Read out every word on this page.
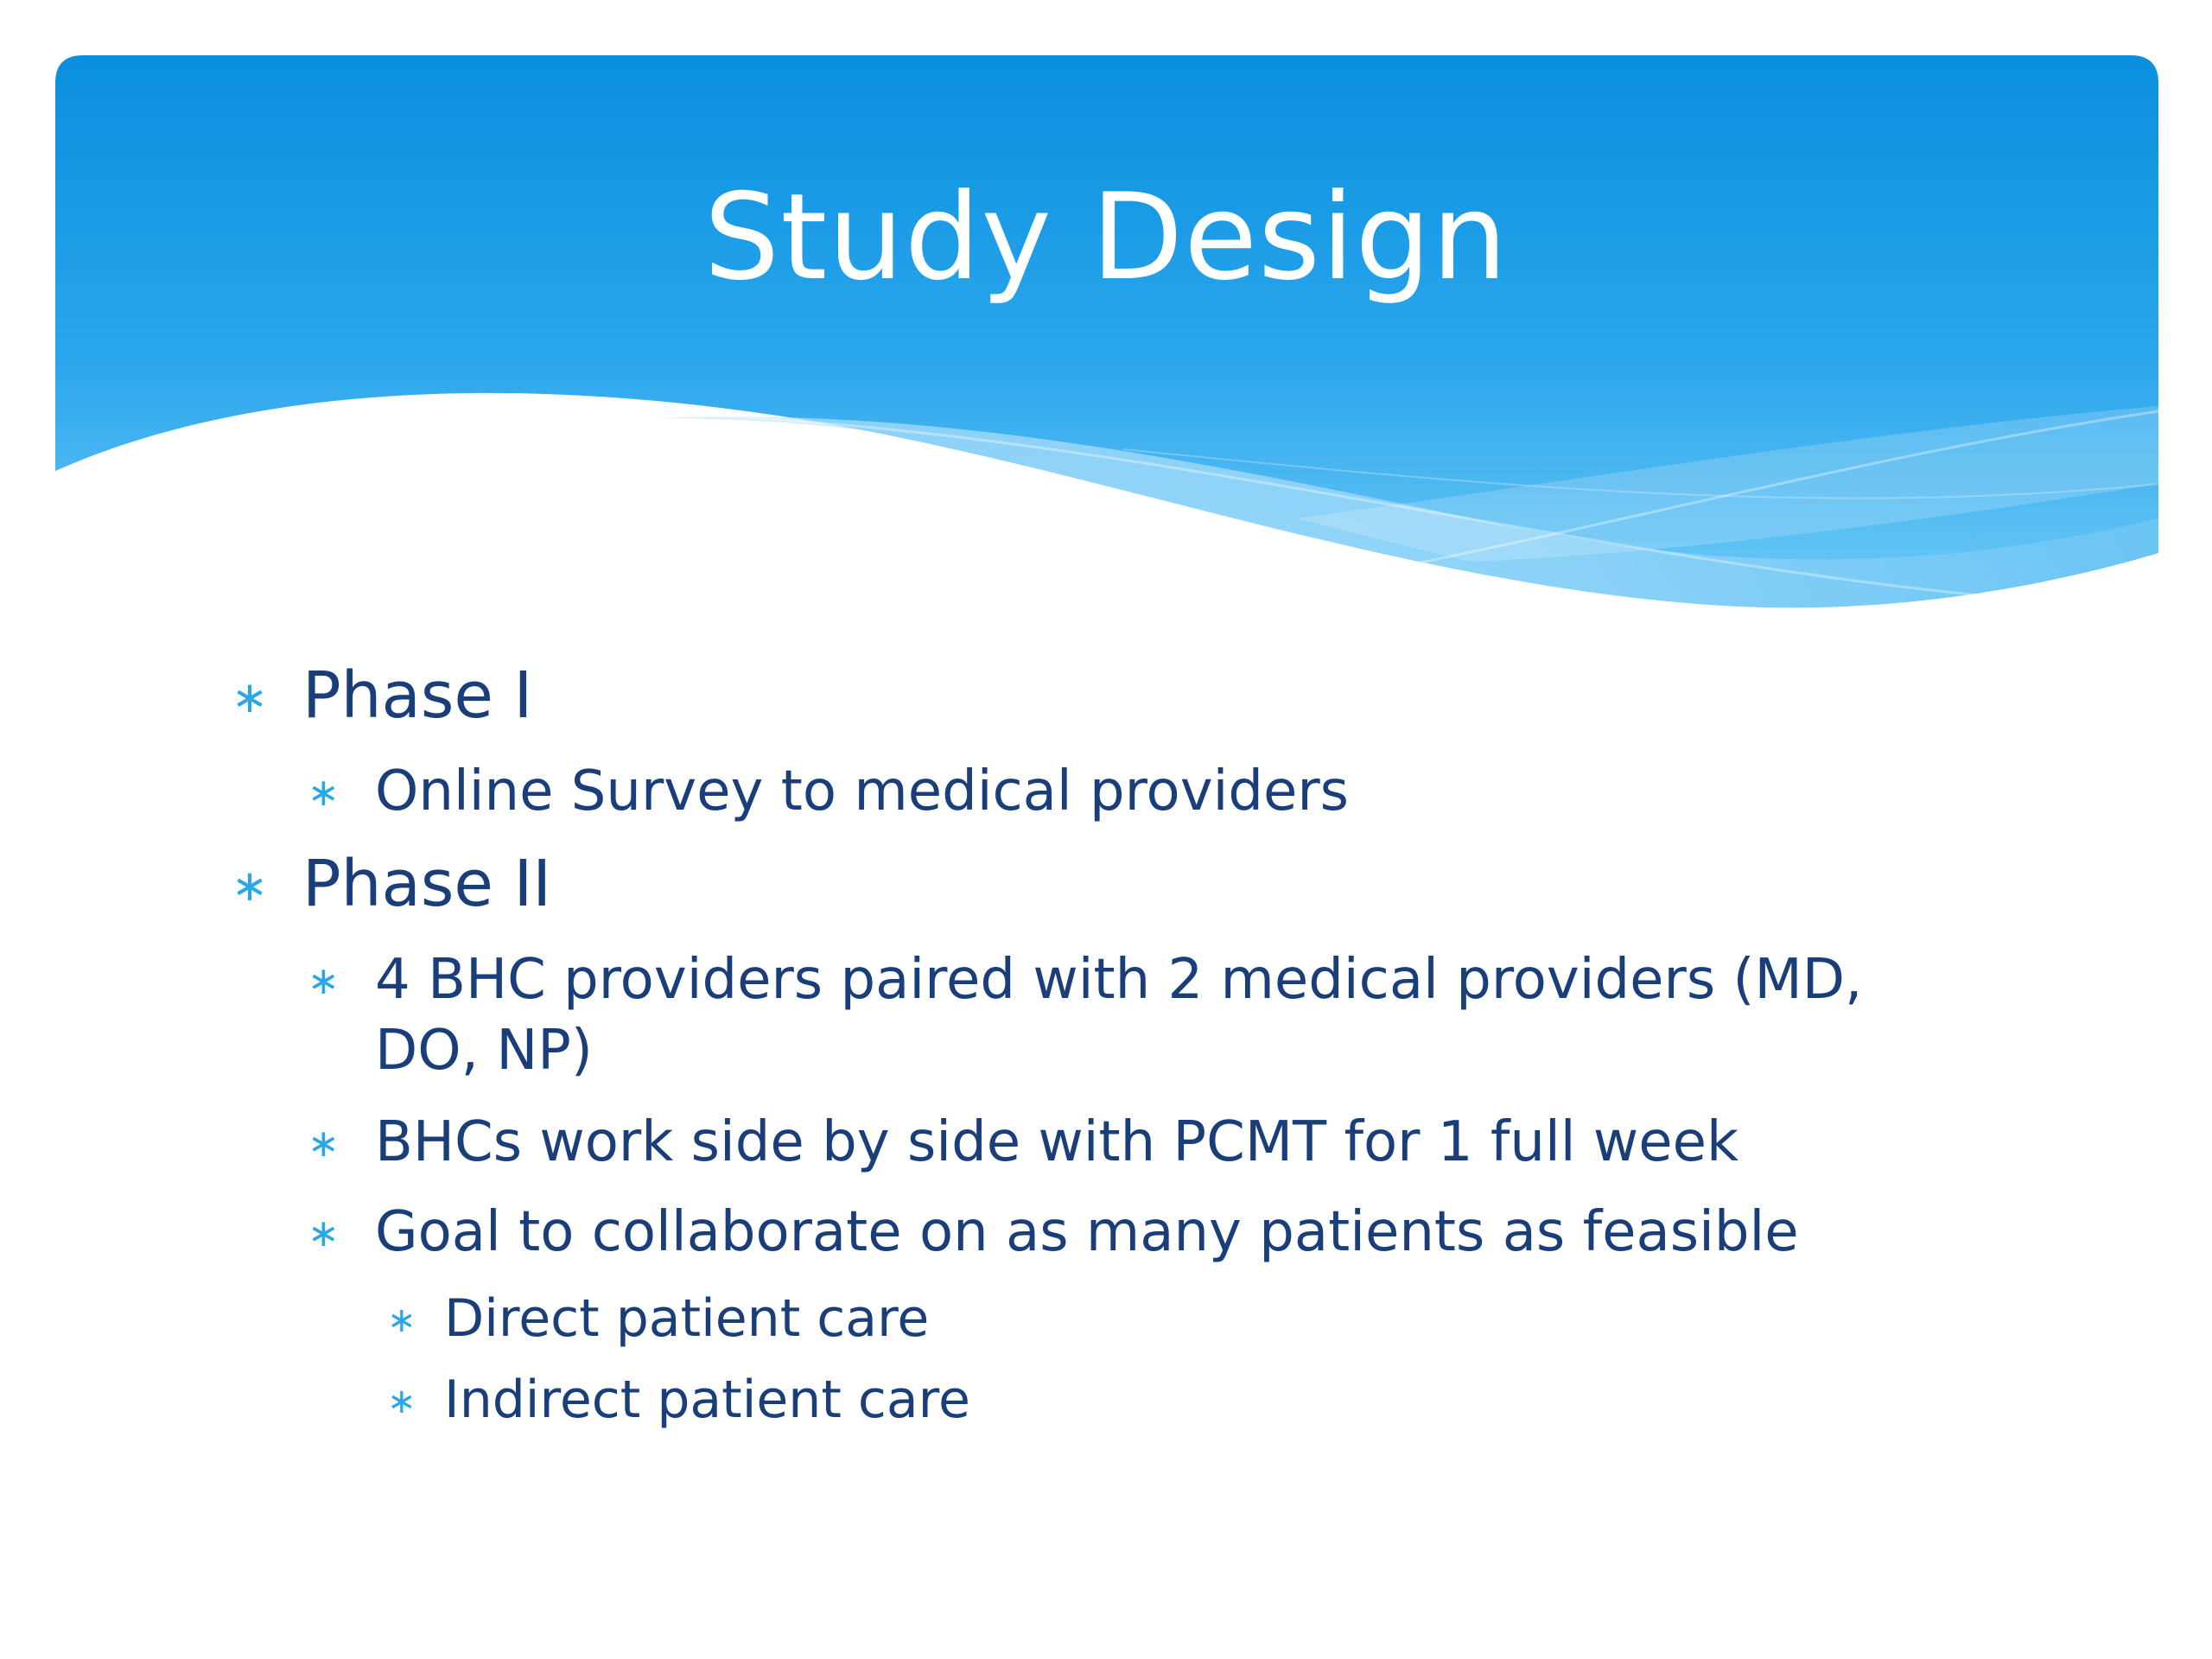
Study Design
∗ Phase I
∗ Online Survey to medical providers
∗ Phase II
∗ 4 BHC providers paired with 2 medical providers (MD,
DO, NP)
∗ BHCs work side by side with PCMT for 1 full week
∗ Goal to collaborate on as many patients as feasible
∗ Direct patient care
∗ Indirect patient care
